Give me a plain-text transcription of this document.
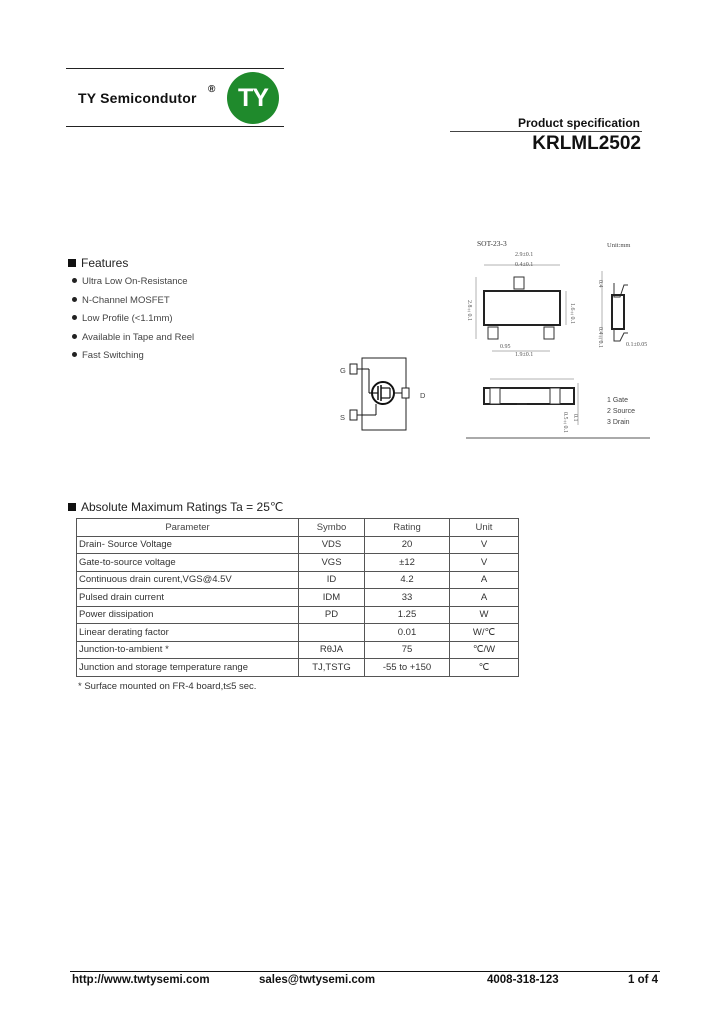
TY Semicondutor
® TY
Product specification
KRLML2502
Features
Ultra Low On-Resistance
N-Channel MOSFET
Low Profile (<1.1mm)
Available in Tape and Reel
Fast Switching
G
S
D
SOT-23-3	Unit:mm
2.9±0.1
0.4±0.1
2.8±0.1	1.6±0.1
0.95
1.9±0.1
0.4
0.4±0.1	0.1±0.05
0.5±0.1 0.1
1 Gate
2 Source
3 Drain
Absolute Maximum Ratings Ta = 25℃
Parameter	Symbo	Rating	Unit
Drain- Source Voltage	VDS	20	V
Gate-to-source voltage	VGS	±12	V
Continuous drain curent,VGS@4.5V	ID	4.2	A
Pulsed drain current	IDM	33	A
Power dissipation	PD	1.25	W
Linear derating factor		0.01	W/℃
Junction-to-ambient *	RθJA	75	℃/W
Junction and storage temperature range	TJ,TSTG	-55 to +150	℃
* Surface mounted on FR-4 board,t≤5 sec.
http://www.twtysemi.com	sales@twtysemi.com	4008-318-123	1 of 4
